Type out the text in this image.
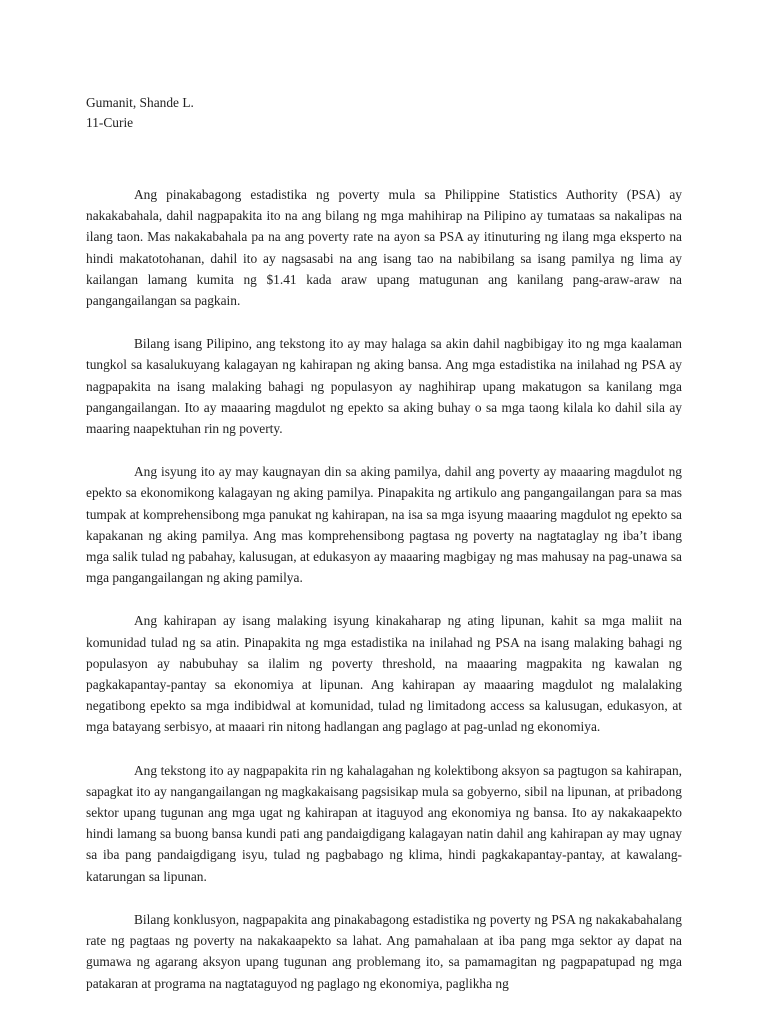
Gumanit, Shande L.
11-Curie

Ang pinakabagong estadistika ng poverty mula sa Philippine Statistics Authority (PSA) ay nakakabahala, dahil nagpapakita ito na ang bilang ng mga mahihirap na Pilipino ay tumataas sa nakalipas na ilang taon. Mas nakakabahala pa na ang poverty rate na ayon sa PSA ay itinuturing ng ilang mga eksperto na hindi makatotohanan, dahil ito ay nagsasabi na ang isang tao na nabibilang sa isang pamilya ng lima ay kailangan lamang kumita ng $1.41 kada araw upang matugunan ang kanilang pang-araw-araw na pangangailangan sa pagkain.

Bilang isang Pilipino, ang tekstong ito ay may halaga sa akin dahil nagbibigay ito ng mga kaalaman tungkol sa kasalukuyang kalagayan ng kahirapan ng aking bansa. Ang mga estadistika na inilahad ng PSA ay nagpapakita na isang malaking bahagi ng populasyon ay naghihirap upang makatugon sa kanilang mga pangangailangan. Ito ay maaaring magdulot ng epekto sa aking buhay o sa mga taong kilala ko dahil sila ay maaring naapektuhan rin ng poverty.

Ang isyung ito ay may kaugnayan din sa aking pamilya, dahil ang poverty ay maaaring magdulot ng epekto sa ekonomikong kalagayan ng aking pamilya. Pinapakita ng artikulo ang pangangailangan para sa mas tumpak at komprehensibong mga panukat ng kahirapan, na isa sa mga isyung maaaring magdulot ng epekto sa kapakanan ng aking pamilya. Ang mas komprehensibong pagtasa ng poverty na nagtataglay ng iba’t ibang mga salik tulad ng pabahay, kalusugan, at edukasyon ay maaaring magbigay ng mas mahusay na pag-unawa sa mga pangangailangan ng aking pamilya.

Ang kahirapan ay isang malaking isyung kinakaharap ng ating lipunan, kahit sa mga maliit na komunidad tulad ng sa atin. Pinapakita ng mga estadistika na inilahad ng PSA na isang malaking bahagi ng populasyon ay nabubuhay sa ilalim ng poverty threshold, na maaaring magpakita ng kawalan ng pagkakapantay-pantay sa ekonomiya at lipunan. Ang kahirapan ay maaaring magdulot ng malalaking negatibong epekto sa mga indibidwal at komunidad, tulad ng limitadong access sa kalusugan, edukasyon, at mga batayang serbisyo, at maaari rin nitong hadlangan ang paglago at pag-unlad ng ekonomiya.

Ang tekstong ito ay nagpapakita rin ng kahalagahan ng kolektibong aksyon sa pagtugon sa kahirapan, sapagkat ito ay nangangailangan ng magkakaisang pagsisikap mula sa gobyerno, sibil na lipunan, at pribadong sektor upang tugunan ang mga ugat ng kahirapan at itaguyod ang ekonomiya ng bansa. Ito ay nakakaapekto hindi lamang sa buong bansa kundi pati ang pandaigdigang kalagayan natin dahil ang kahirapan ay may ugnay sa iba pang pandaigdigang isyu, tulad ng pagbabago ng klima, hindi pagkakapantay-pantay, at kawalang-katarungan sa lipunan.

Bilang konklusyon, nagpapakita ang pinakabagong estadistika ng poverty ng PSA ng nakakabahalang rate ng pagtaas ng poverty na nakakaapekto sa lahat. Ang pamahalaan at iba pang mga sektor ay dapat na gumawa ng agarang aksyon upang tugunan ang problemang ito, sa pamamagitan ng pagpapatupad ng mga patakaran at programa na nagtataguyod ng paglago ng ekonomiya, paglikha ng
